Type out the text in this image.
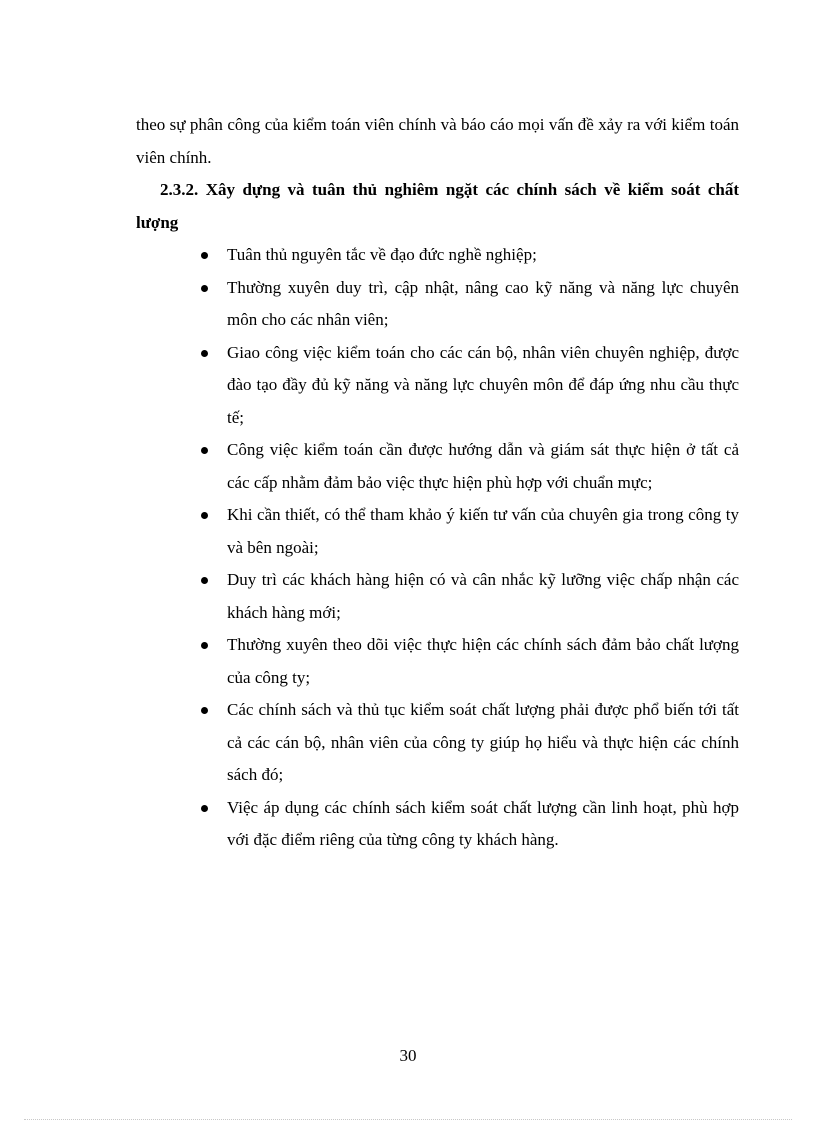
theo sự phân công của kiểm toán viên chính và báo cáo mọi vấn đề xảy ra với kiểm toán viên chính.

2.3.2. Xây dựng và tuân thủ nghiêm ngặt các chính sách về kiểm soát chất lượng

Tuân thủ nguyên tắc về đạo đức nghề nghiệp;
Thường xuyên duy trì, cập nhật, nâng cao kỹ năng và năng lực chuyên môn cho các nhân viên;
Giao công việc kiểm toán cho các cán bộ, nhân viên chuyên nghiệp, được đào tạo đầy đủ kỹ năng và năng lực chuyên môn để đáp ứng nhu cầu thực tế;
Công việc kiểm toán cần được hướng dẫn và giám sát thực hiện ở tất cả các cấp nhằm đảm bảo việc thực hiện phù hợp với chuẩn mực;
Khi cần thiết, có thể tham khảo ý kiến tư vấn của chuyên gia trong công ty và bên ngoài;
Duy trì các khách hàng hiện có và cân nhắc kỹ lưỡng việc chấp nhận các khách hàng mới;
Thường xuyên theo dõi việc thực hiện các chính sách đảm bảo chất lượng của công ty;
Các chính sách và thủ tục kiểm soát chất lượng phải được phổ biến tới tất cả các cán bộ, nhân viên của công ty giúp họ hiểu và thực hiện các chính sách đó;
Việc áp dụng các chính sách kiểm soát chất lượng cần linh hoạt, phù hợp với đặc điểm riêng của từng công ty khách hàng.
30
